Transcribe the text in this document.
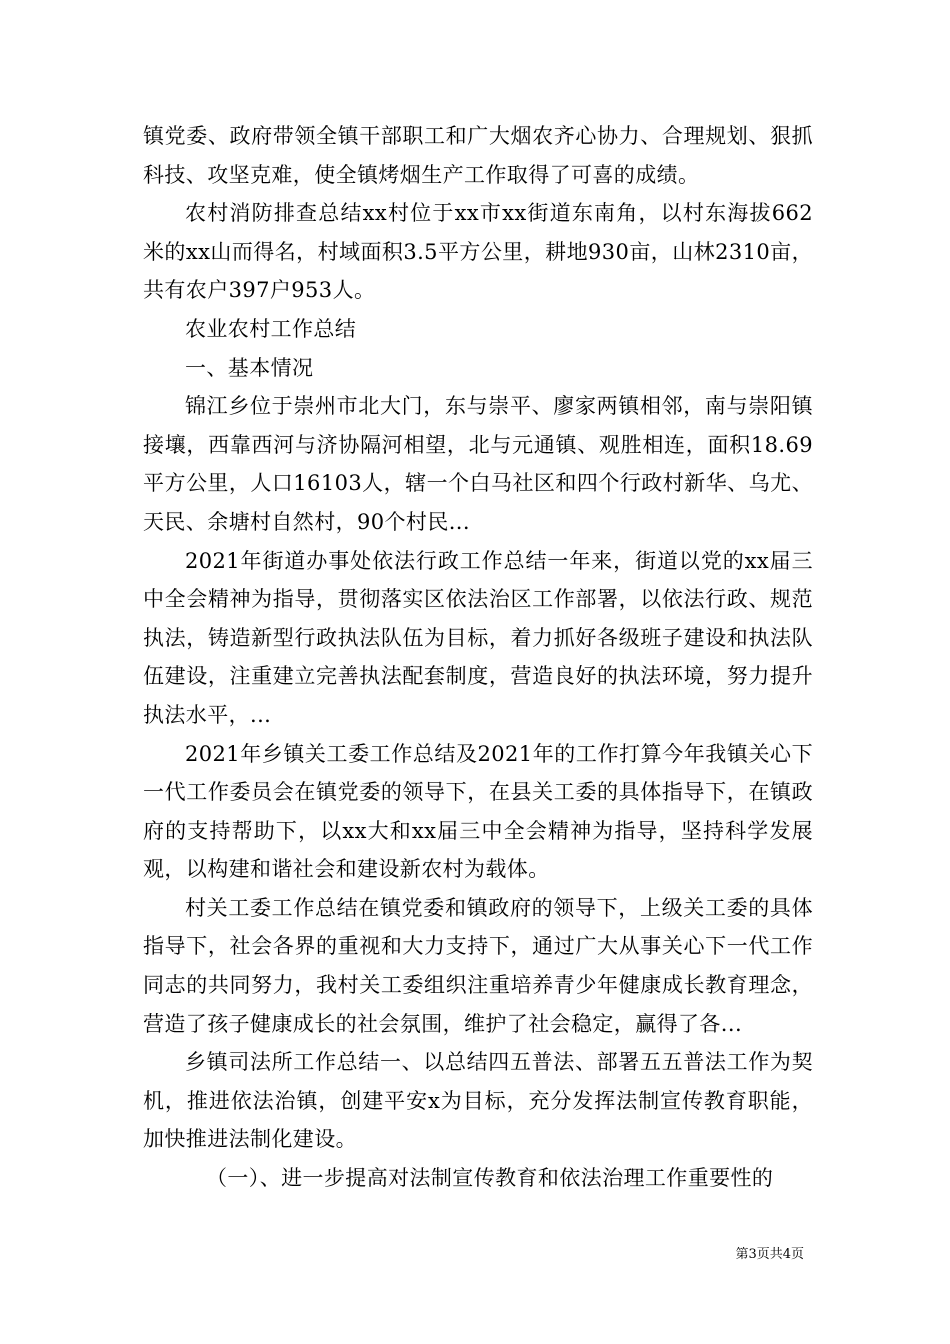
镇党委、政府带领全镇干部职工和广大烟农齐心协力、合理规划、狠抓科技、攻坚克难，使全镇烤烟生产工作取得了可喜的成绩。

农村消防排查总结xx村位于xx市xx街道东南角，以村东海拔662米的xx山而得名，村域面积3.5平方公里，耕地930亩，山林2310亩，共有农户397户953人。

农业农村工作总结

一、基本情况

锦江乡位于崇州市北大门，东与崇平、廖家两镇相邻，南与崇阳镇接壤，西靠西河与济协隔河相望，北与元通镇、观胜相连，面积18.69平方公里，人口16103人，辖一个白马社区和四个行政村新华、乌尤、天民、余塘村自然村，90个村民...

2021年街道办事处依法行政工作总结一年来，街道以党的xx届三中全会精神为指导，贯彻落实区依法治区工作部署，以依法行政、规范执法，铸造新型行政执法队伍为目标，着力抓好各级班子建设和执法队伍建设，注重建立完善执法配套制度，营造良好的执法环境，努力提升执法水平，...

2021年乡镇关工委工作总结及2021年的工作打算今年我镇关心下一代工作委员会在镇党委的领导下，在县关工委的具体指导下，在镇政府的支持帮助下，以xx大和xx届三中全会精神为指导，坚持科学发展观，以构建和谐社会和建设新农村为载体。

村关工委工作总结在镇党委和镇政府的领导下，上级关工委的具体指导下，社会各界的重视和大力支持下，通过广大从事关心下一代工作同志的共同努力，我村关工委组织注重培养青少年健康成长教育理念，营造了孩子健康成长的社会氛围，维护了社会稳定，赢得了各...

乡镇司法所工作总结一、以总结四五普法、部署五五普法工作为契机，推进依法治镇，创建平安x为目标，充分发挥法制宣传教育职能，加快推进法制化建设。

（一）、进一步提高对法制宣传教育和依法治理工作重要性的

第3页共4页
